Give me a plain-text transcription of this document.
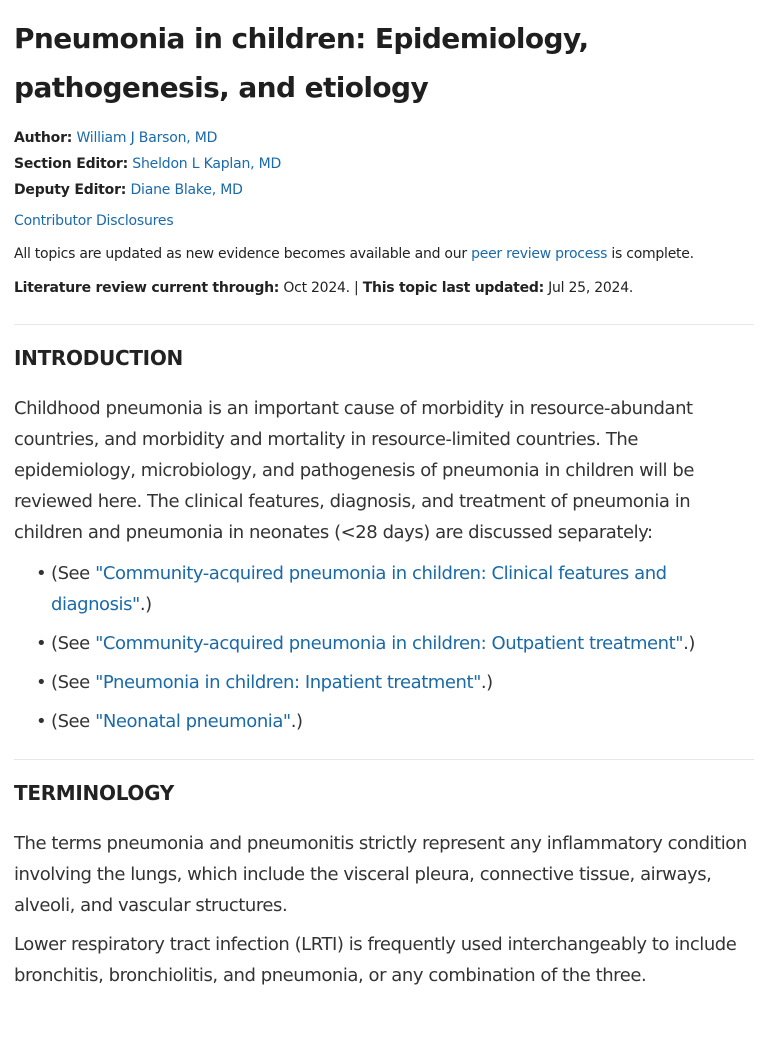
Pneumonia in children: Epidemiology, pathogenesis, and etiology
Author: William J Barson, MD
Section Editor: Sheldon L Kaplan, MD
Deputy Editor: Diane Blake, MD
Contributor Disclosures
All topics are updated as new evidence becomes available and our peer review process is complete.
Literature review current through: Oct 2024. | This topic last updated: Jul 25, 2024.
INTRODUCTION

Childhood pneumonia is an important cause of morbidity in resource-abundant countries, and morbidity and mortality in resource-limited countries. The epidemiology, microbiology, and pathogenesis of pneumonia in children will be reviewed here. The clinical features, diagnosis, and treatment of pneumonia in children and pneumonia in neonates (<28 days) are discussed separately:

• (See "Community-acquired pneumonia in children: Clinical features and diagnosis".)
• (See "Community-acquired pneumonia in children: Outpatient treatment".)
• (See "Pneumonia in children: Inpatient treatment".)
• (See "Neonatal pneumonia".)
TERMINOLOGY

The terms pneumonia and pneumonitis strictly represent any inflammatory condition involving the lungs, which include the visceral pleura, connective tissue, airways, alveoli, and vascular structures.

Lower respiratory tract infection (LRTI) is frequently used interchangeably to include bronchitis, bronchiolitis, and pneumonia, or any combination of the three.
